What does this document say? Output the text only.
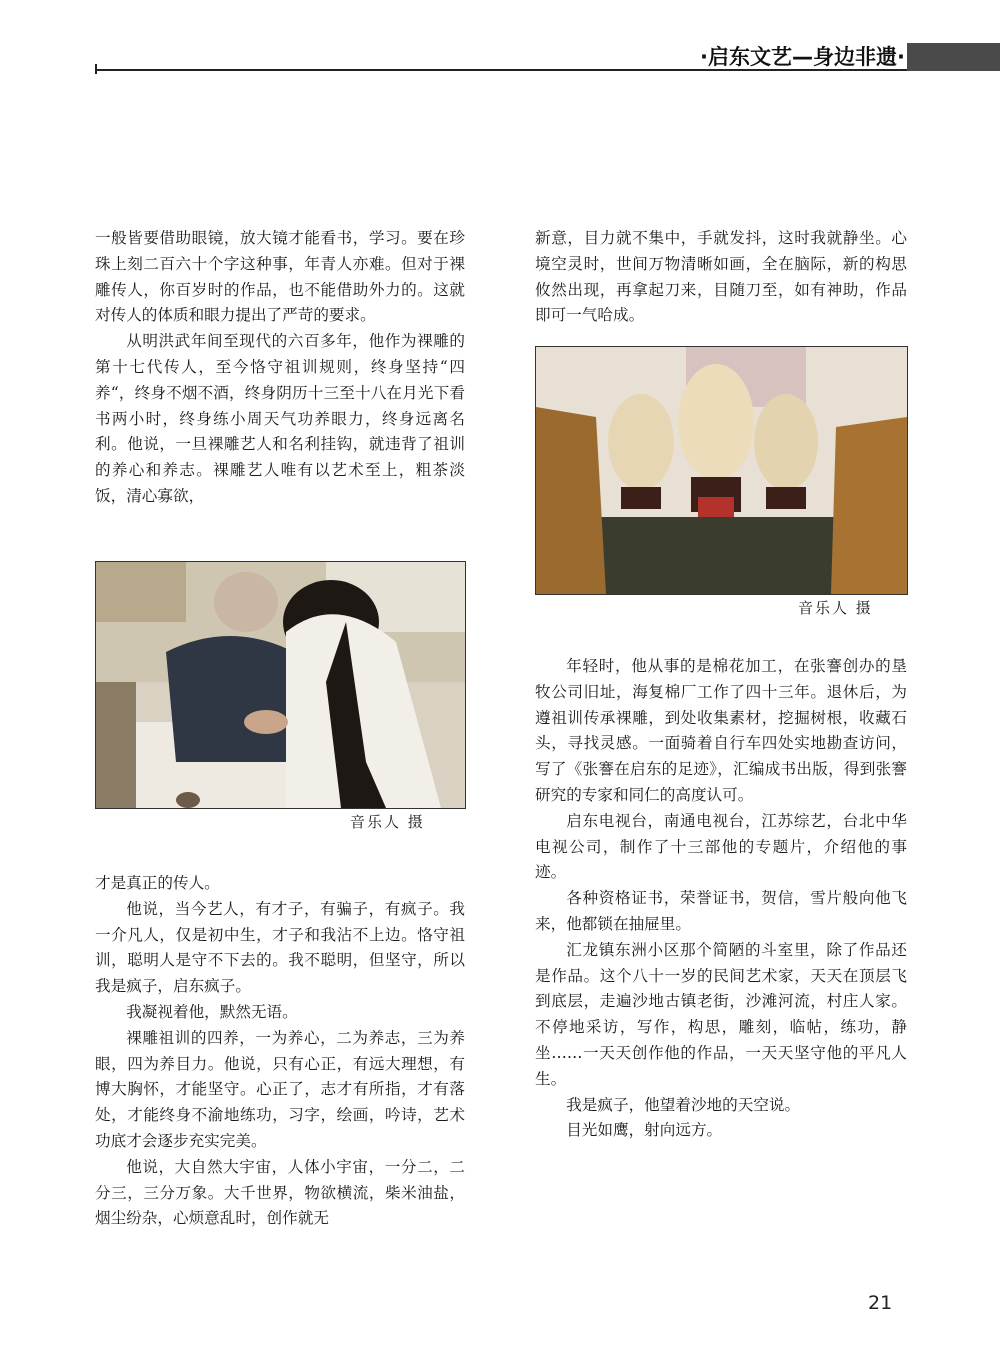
·启东文艺—身边非遗·

一般皆要借助眼镜，放大镜才能看书，学习。要在珍珠上刻二百六十个字这种事，年青人亦难。但对于裸雕传人，你百岁时的作品，也不能借助外力的。这就对传人的体质和眼力提出了严苛的要求。

从明洪武年间至现代的六百多年，他作为裸雕的第十七代传人，至今恪守祖训规则，终身坚持“四养“，终身不烟不酒，终身阴历十三至十八在月光下看书两小时，终身练小周天气功养眼力，终身远离名利。他说，一旦裸雕艺人和名利挂钩，就违背了祖训的养心和养志。裸雕艺人唯有以艺术至上，粗茶淡饭，清心寡欲，

音乐人 摄

才是真正的传人。

他说，当今艺人，有才子，有骗子，有疯子。我一介凡人，仅是初中生，才子和我沾不上边。恪守祖训，聪明人是守不下去的。我不聪明，但坚守，所以我是疯子，启东疯子。

我凝视着他，默然无语。

裸雕祖训的四养，一为养心，二为养志，三为养眼，四为养目力。他说，只有心正，有远大理想，有博大胸怀，才能坚守。心正了，志才有所指，才有落处，才能终身不渝地练功，习字，绘画，吟诗，艺术功底才会逐步充实完美。

他说，大自然大宇宙，人体小宇宙，一分二，二分三，三分万象。大千世界，物欲横流，柴米油盐，烟尘纷杂，心烦意乱时，创作就无

新意，目力就不集中，手就发抖，这时我就静坐。心境空灵时，世间万物清晰如画，全在脑际，新的构思攸然出现，再拿起刀来，目随刀至，如有神助，作品即可一气哈成。

音乐人 摄

年轻时，他从事的是棉花加工，在张謇创办的垦牧公司旧址，海复棉厂工作了四十三年。退休后，为遵祖训传承裸雕，到处收集素材，挖掘树根，收藏石头，寻找灵感。一面骑着自行车四处实地勘查访问，写了《张謇在启东的足迹》，汇编成书出版，得到张謇研究的专家和同仁的高度认可。

启东电视台，南通电视台，江苏综艺，台北中华电视公司，制作了十三部他的专题片，介绍他的事迹。

各种资格证书，荣誉证书，贺信，雪片般向他飞来，他都锁在抽屉里。

汇龙镇东洲小区那个简陋的斗室里，除了作品还是作品。这个八十一岁的民间艺术家，天天在顶层飞到底层，走遍沙地古镇老街，沙滩河流，村庄人家。不停地采访，写作，构思，雕刻，临帖，练功，静坐……一天天创作他的作品，一天天坚守他的平凡人生。

我是疯子，他望着沙地的天空说。

目光如鹰，射向远方。

21
